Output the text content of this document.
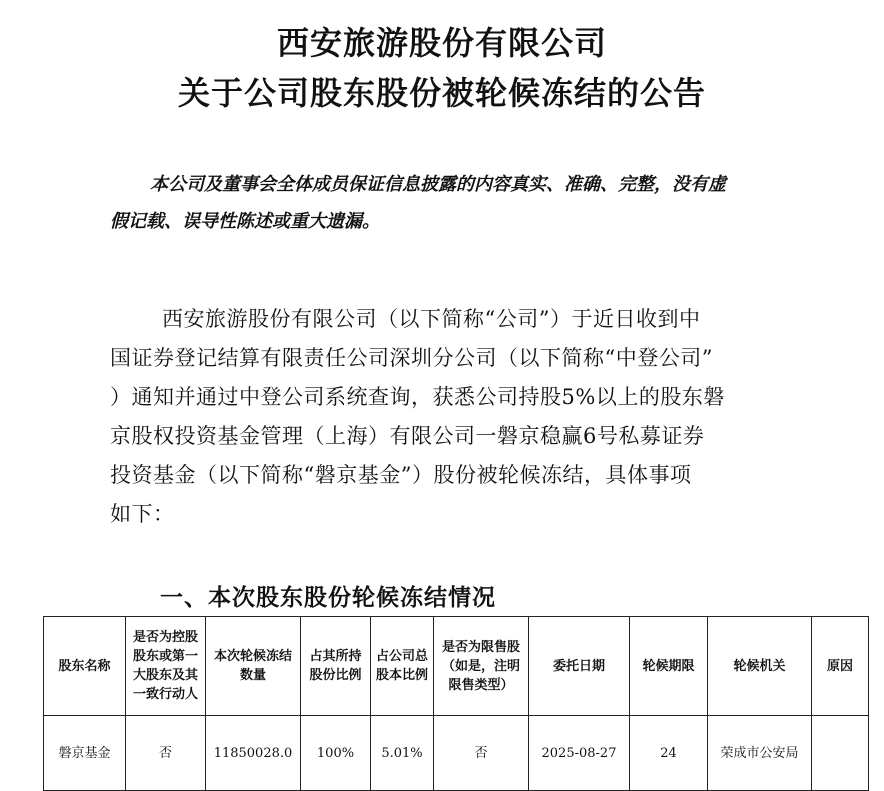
西安旅游股份有限公司
关于公司股东股份被轮候冻结的公告
本公司及董事会全体成员保证信息披露的内容真实、准确、完整，没有虚
假记载、误导性陈述或重大遗漏。
西安旅游股份有限公司（以下简称“公司”）于近日收到中
国证券登记结算有限责任公司深圳分公司（以下简称“中登公司”
）通知并通过中登公司系统查询，获悉公司持股5%以上的股东磐
京股权投资基金管理（上海）有限公司一磐京稳赢6号私募证券
投资基金（以下简称“磐京基金”）股份被轮候冻结，具体事项
如下：
一、本次股东股份轮候冻结情况
股东名称	是否为控股股东或第一大股东及其一致行动人	本次轮候冻结数量	占其所持股份比例	占公司总股本比例	是否为限售股（如是，注明限售类型）	委托日期	轮候期限	轮候机关	原因
磐京基金	否	11850028.0	100%	5.01%	否	2025-08-27	24	荣成市公安局	
